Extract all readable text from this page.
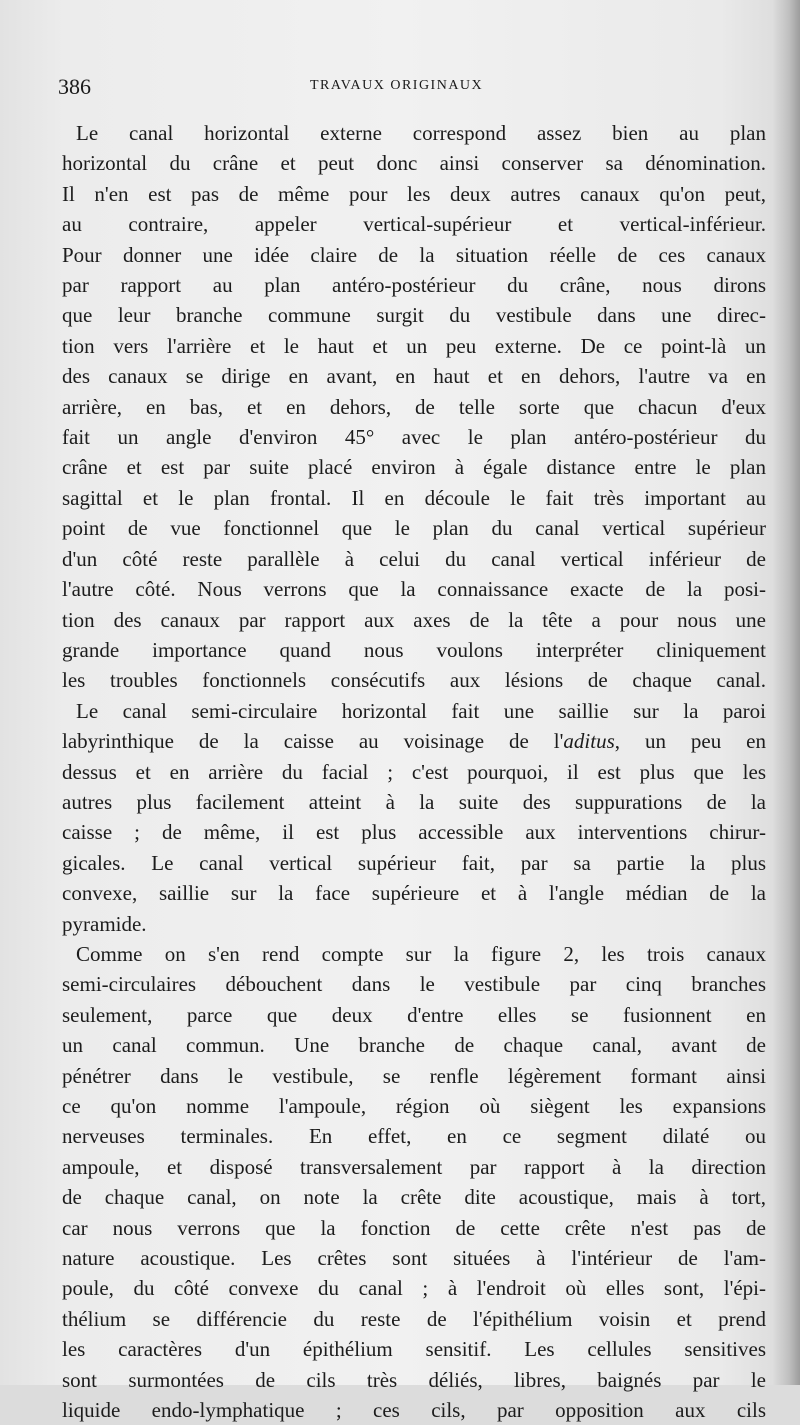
386	TRAVAUX ORIGINAUX

Le canal horizontal externe correspond assez bien au plan
horizontal du crâne et peut donc ainsi conserver sa dénomination.
Il n'en est pas de même pour les deux autres canaux qu'on peut,
au contraire, appeler vertical-supérieur et vertical-inférieur.
Pour donner une idée claire de la situation réelle de ces canaux
par rapport au plan antéro-postérieur du crâne, nous dirons
que leur branche commune surgit du vestibule dans une direc-
tion vers l'arrière et le haut et un peu externe. De ce point-là un
des canaux se dirige en avant, en haut et en dehors, l'autre va en
arrière, en bas, et en dehors, de telle sorte que chacun d'eux
fait un angle d'environ 45° avec le plan antéro-postérieur du
crâne et est par suite placé environ à égale distance entre le plan
sagittal et le plan frontal. Il en découle le fait très important au
point de vue fonctionnel que le plan du canal vertical supérieur
d'un côté reste parallèle à celui du canal vertical inférieur de
l'autre côté. Nous verrons que la connaissance exacte de la posi-
tion des canaux par rapport aux axes de la tête a pour nous une
grande importance quand nous voulons interpréter cliniquement
les troubles fonctionnels consécutifs aux lésions de chaque canal.

Le canal semi-circulaire horizontal fait une saillie sur la paroi
labyrinthique de la caisse au voisinage de l'aditus, un peu en
dessus et en arrière du facial ; c'est pourquoi, il est plus que les
autres plus facilement atteint à la suite des suppurations de la
caisse ; de même, il est plus accessible aux interventions chirur-
gicales. Le canal vertical supérieur fait, par sa partie la plus
convexe, saillie sur la face supérieure et à l'angle médian de la
pyramide.

Comme on s'en rend compte sur la figure 2, les trois canaux
semi-circulaires débouchent dans le vestibule par cinq branches
seulement, parce que deux d'entre elles se fusionnent en
un canal commun. Une branche de chaque canal, avant de
pénétrer dans le vestibule, se renfle légèrement formant ainsi
ce qu'on nomme l'ampoule, région où siègent les expansions
nerveuses terminales. En effet, en ce segment dilaté ou
ampoule, et disposé transversalement par rapport à la direction
de chaque canal, on note la crête dite acoustique, mais à tort,
car nous verrons que la fonction de cette crête n'est pas de
nature acoustique. Les crêtes sont situées à l'intérieur de l'am-
poule, du côté convexe du canal ; à l'endroit où elles sont, l'épi-
thélium se différencie du reste de l'épithélium voisin et prend
les caractères d'un épithélium sensitif. Les cellules sensitives
sont surmontées de cils très déliés, libres, baignés par le
liquide endo-lymphatique ; ces cils, par opposition aux cils
